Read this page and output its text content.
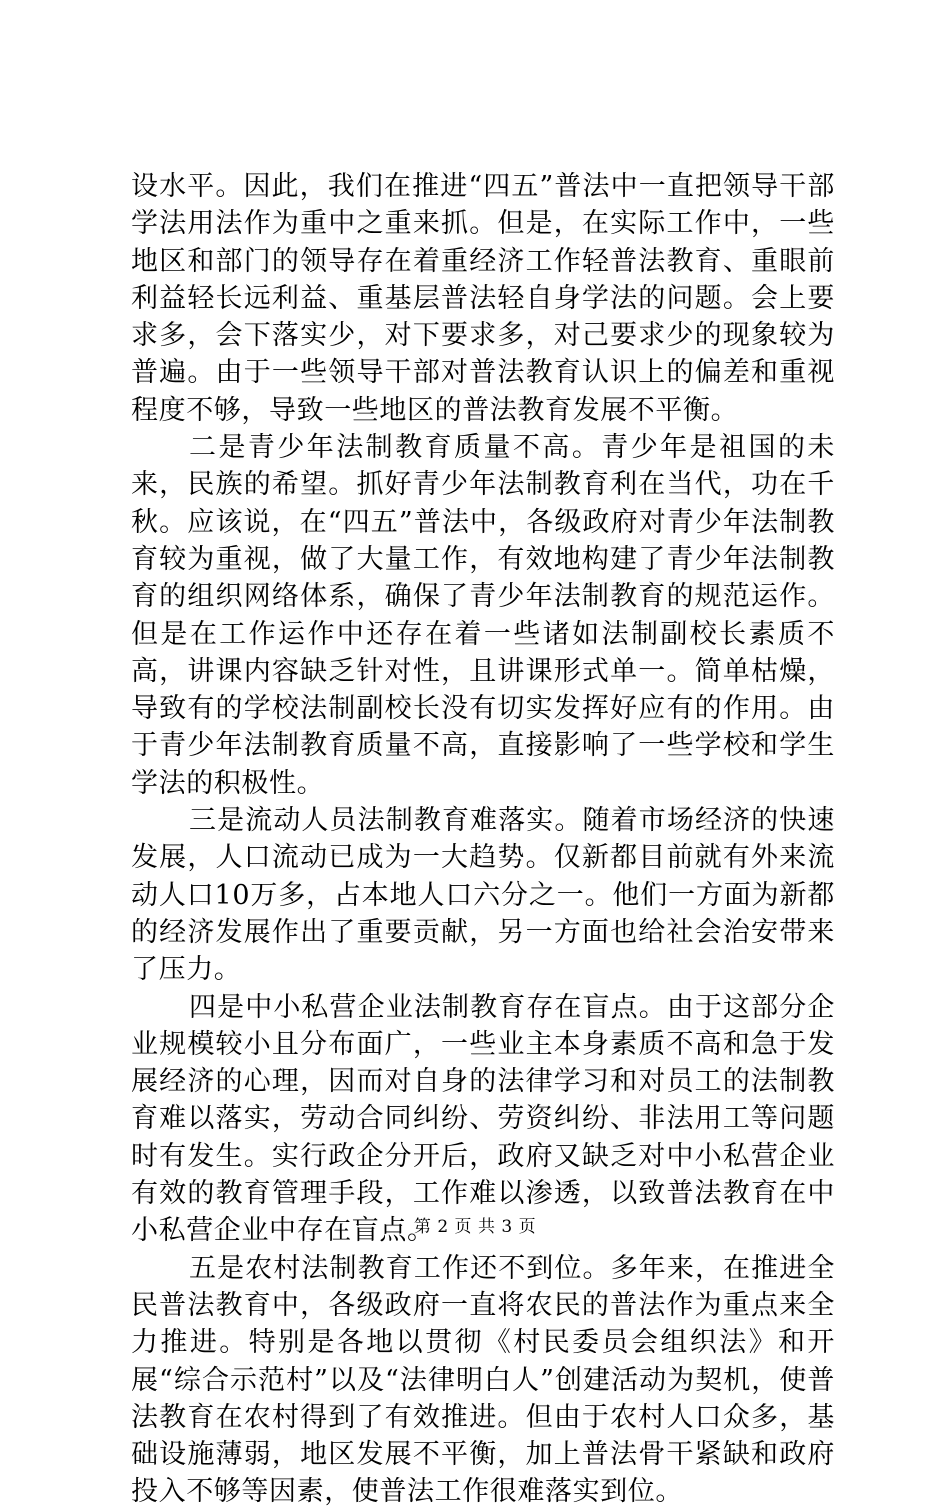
设水平。因此，我们在推进“四五”普法中一直把领导干部学法用法作为重中之重来抓。但是，在实际工作中，一些地区和部门的领导存在着重经济工作轻普法教育、重眼前利益轻长远利益、重基层普法轻自身学法的问题。会上要求多，会下落实少，对下要求多，对己要求少的现象较为普遍。由于一些领导干部对普法教育认识上的偏差和重视程度不够，导致一些地区的普法教育发展不平衡。

二是青少年法制教育质量不高。青少年是祖国的未来，民族的希望。抓好青少年法制教育利在当代，功在千秋。应该说，在“四五”普法中，各级政府对青少年法制教育较为重视，做了大量工作，有效地构建了青少年法制教育的组织网络体系，确保了青少年法制教育的规范运作。但是在工作运作中还存在着一些诸如法制副校长素质不高，讲课内容缺乏针对性，且讲课形式单一。简单枯燥，导致有的学校法制副校长没有切实发挥好应有的作用。由于青少年法制教育质量不高，直接影响了一些学校和学生学法的积极性。

三是流动人员法制教育难落实。随着市场经济的快速发展，人口流动已成为一大趋势。仅新都目前就有外来流动人口10万多，占本地人口六分之一。他们一方面为新都的经济发展作出了重要贡献，另一方面也给社会治安带来了压力。

四是中小私营企业法制教育存在盲点。由于这部分企业规模较小且分布面广，一些业主本身素质不高和急于发展经济的心理，因而对自身的法律学习和对员工的法制教育难以落实，劳动合同纠纷、劳资纠纷、非法用工等问题时有发生。实行政企分开后，政府又缺乏对中小私营企业有效的教育管理手段，工作难以渗透，以致普法教育在中小私营企业中存在盲点。

五是农村法制教育工作还不到位。多年来，在推进全民普法教育中，各级政府一直将农民的普法作为重点来全力推进。特别是各地以贯彻《村民委员会组织法》和开展“综合示范村”以及“法律明白人”创建活动为契机，使普法教育在农村得到了有效推进。但由于农村人口众多，基础设施薄弱，地区发展不平衡，加上普法骨干紧缺和政府投入不够等因素，使普法工作很难落实到位。

第 2 页 共 3 页
